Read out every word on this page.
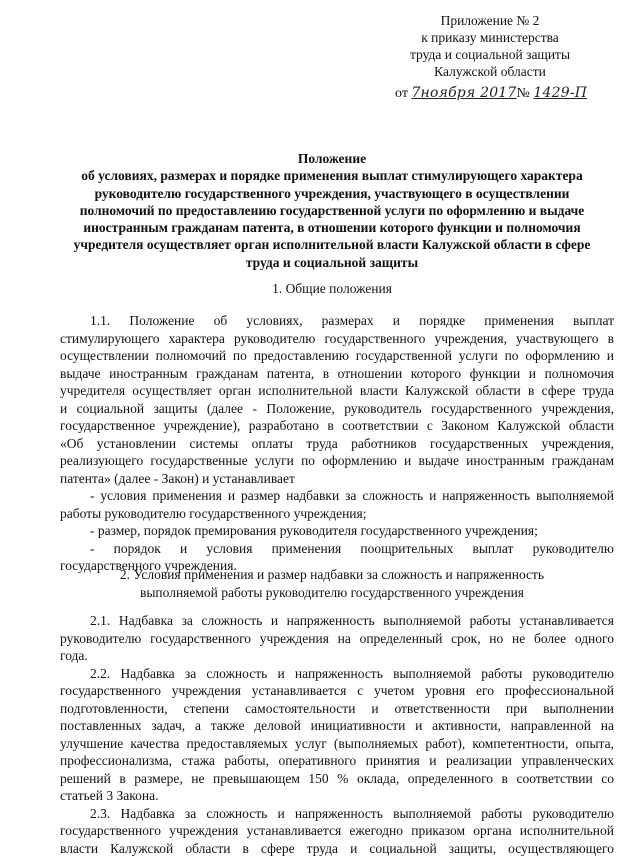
Приложение № 2
к приказу министерства
труда и социальной защиты
Калужской области
от 7ноября 2017№ 1429-П
Положение
об условиях, размерах и порядке применения выплат стимулирующего характера
руководителю государственного учреждения, участвующего в осуществлении
полномочий по предоставлению государственной услуги по оформлению и выдаче
иностранным гражданам патента, в отношении которого функции и полномочия
учредителя осуществляет орган исполнительной власти Калужской области в сфере
труда и социальной защиты
1. Общие положения
1.1. Положение об условиях, размерах и порядке применения выплат
стимулирующего характера руководителю государственного учреждения, участвующего в
осуществлении полномочий по предоставлению государственной услуги по оформлению и
выдаче иностранным гражданам патента, в отношении которого функции и полномочия
учредителя осуществляет орган исполнительной власти Калужской области в сфере труда
и социальной защиты (далее - Положение, руководитель государственного учреждения,
государственное учреждение), разработано в соответствии с Законом Калужской области
«Об установлении системы оплаты труда работников государственных учреждения,
реализующего государственные услуги по оформлению и выдаче иностранным гражданам
патента» (далее - Закон) и устанавливает
- условия применения и размер надбавки за сложность и напряженность выполняемой
работы руководителю государственного учреждения;
- размер, порядок премирования руководителя государственного учреждения;
- порядок и условия применения поощрительных выплат руководителю
государственного учреждения.
2. Условия применения и размер надбавки за сложность и напряженность
выполняемой работы руководителю государственного учреждения
2.1. Надбавка за сложность и напряженность выполняемой работы устанавливается
руководителю государственного учреждения на определенный срок, но не более одного
года.
2.2. Надбавка за сложность и напряженность выполняемой работы руководителю
государственного учреждения устанавливается с учетом уровня его профессиональной
подготовленности, степени самостоятельности и ответственности при выполнении
поставленных задач, а также деловой инициативности и активности, направленной на
улучшение качества предоставляемых услуг (выполняемых работ), компетентности, опыта,
профессионализма, стажа работы, оперативного принятия и реализации управленческих
решений в размере, не превышающем 150 % оклада, определенного в соответствии со
статьей 3 Закона.
2.3. Надбавка за сложность и напряженность выполняемой работы руководителю
государственного учреждения устанавливается ежегодно приказом органа исполнительной
власти Калужской области в сфере труда и социальной защиты, осуществляющего
